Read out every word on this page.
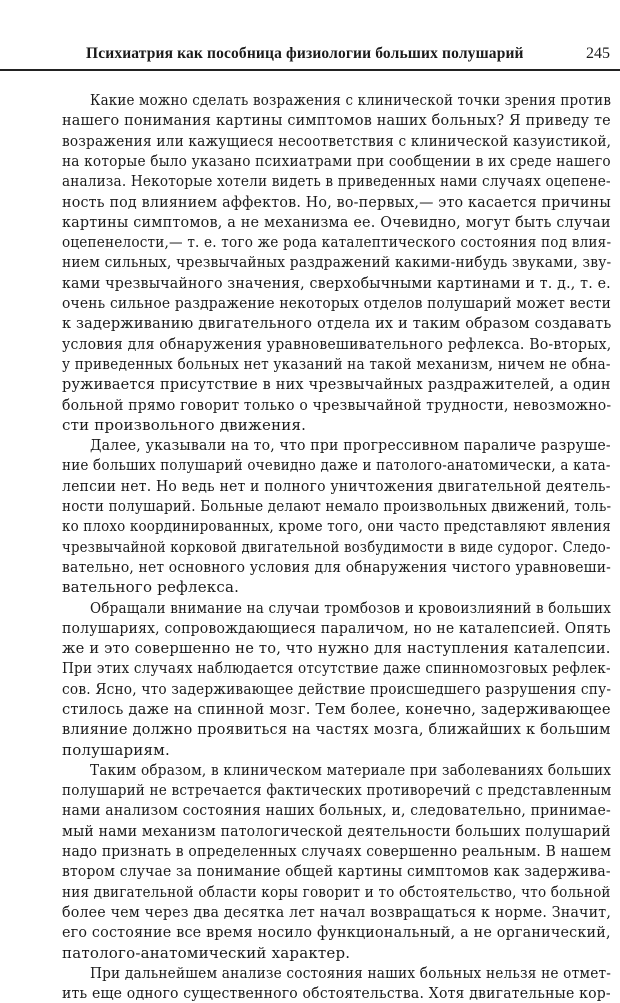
Психиатрия как пособница физиологии больших полушарий	245
Какие можно сделать возражения с клинической точки зрения против
нашего понимания картины симптомов наших больных? Я приведу те
возражения или кажущиеся несоответствия с клинической казуистикой,
на которые было указано психиатрами при сообщении в их среде нашего
анализа. Некоторые хотели видеть в приведенных нами случаях оцепене-
ность под влиянием аффектов. Но, во-первых,— это касается причины
картины симптомов, а не механизма ее. Очевидно, могут быть случаи
оцепенелости,— т. е. того же рода каталептического состояния под влия-
нием сильных, чрезвычайных раздражений какими-нибудь звуками, зву-
ками чрезвычайного значения, сверхобычными картинами и т. д., т. е.
очень сильное раздражение некоторых отделов полушарий может вести
к задерживанию двигательного отдела их и таким образом создавать
условия для обнаружения уравновешивательного рефлекса. Во-вторых,
у приведенных больных нет указаний на такой механизм, ничем не обна-
руживается присутствие в них чрезвычайных раздражителей, а один
больной прямо говорит только о чрезвычайной трудности, невозможно-
сти произвольного движения.
Далее, указывали на то, что при прогрессивном параличе разруше-
ние больших полушарий очевидно даже и патолого-анатомически, а ката-
лепсии нет. Но ведь нет и полного уничтожения двигательной деятель-
ности полушарий. Больные делают немало произвольных движений, толь-
ко плохо координированных, кроме того, они часто представляют явления
чрезвычайной корковой двигательной возбудимости в виде судорог. Следо-
вательно, нет основного условия для обнаружения чистого уравновеши-
вательного рефлекса.
Обращали внимание на случаи тромбозов и кровоизлияний в больших
полушариях, сопровождающиеся параличом, но не каталепсией. Опять
же и это совершенно не то, что нужно для наступления каталепсии.
При этих случаях наблюдается отсутствие даже спинномозговых рефлек-
сов. Ясно, что задерживающее действие происшедшего разрушения спу-
стилось даже на спинной мозг. Тем более, конечно, задерживающее
влияние должно проявиться на частях мозга, ближайших к большим
полушариям.
Таким образом, в клиническом материале при заболеваниях больших
полушарий не встречается фактических противоречий с представленным
нами анализом состояния наших больных, и, следовательно, принимае-
мый нами механизм патологической деятельности больших полушарий
надо признать в определенных случаях совершенно реальным. В нашем
втором случае за понимание общей картины симптомов как задержива-
ния двигательной области коры говорит и то обстоятельство, что больной
более чем через два десятка лет начал возвращаться к норме. Значит,
его состояние все время носило функциональный, а не органический,
патолого-анатомический характер.
При дальнейшем анализе состояния наших больных нельзя не отмет-
ить еще одного существенного обстоятельства. Хотя двигательные кор-
